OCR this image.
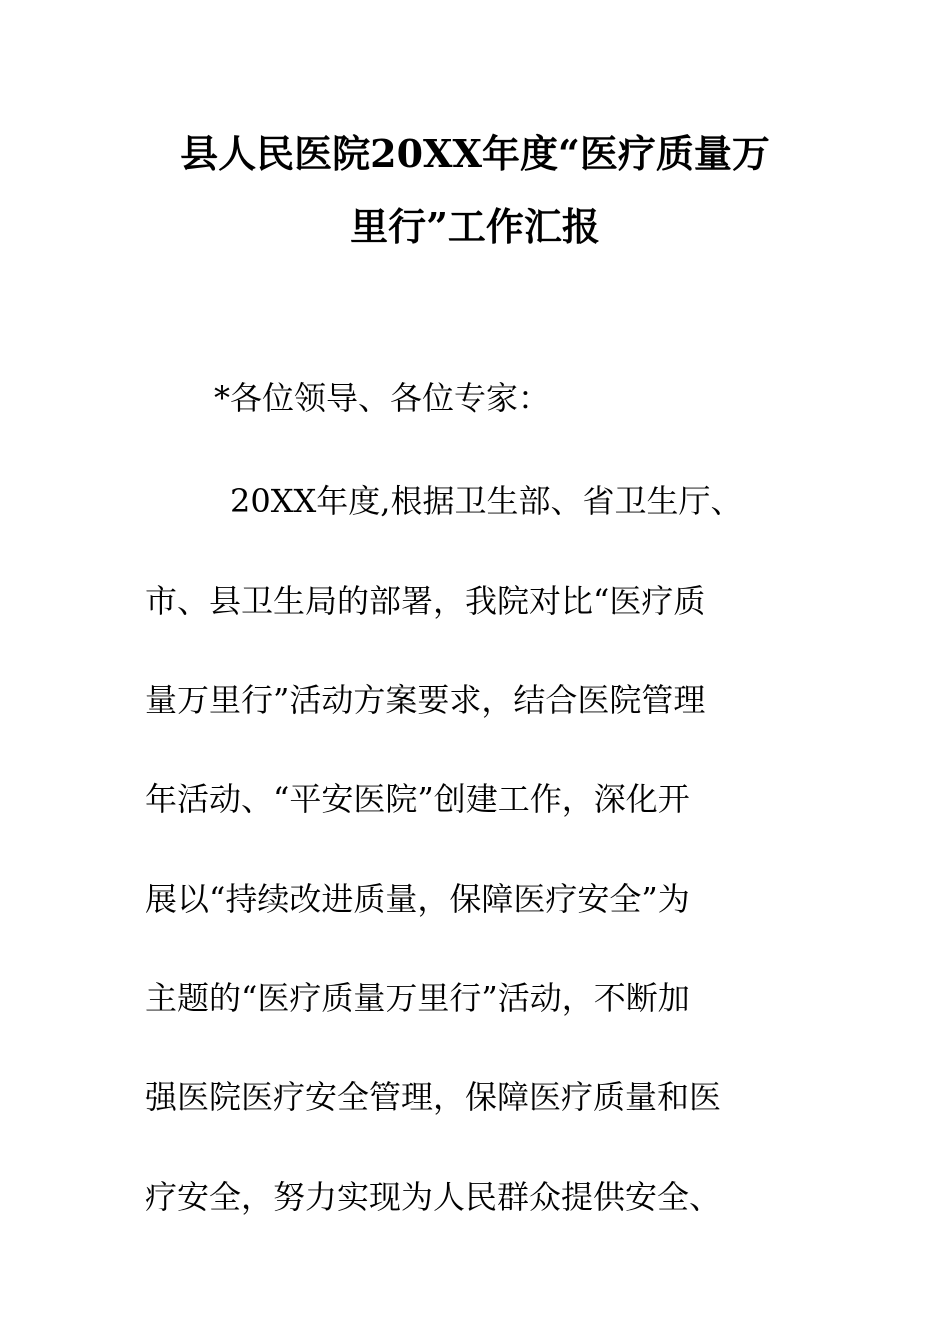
县人民医院20XX年度“医疗质量万
里行”工作汇报
*各位领导、各位专家：
20XX年度,根据卫生部、省卫生厅、
市、县卫生局的部署，我院对比“医疗质
量万里行”活动方案要求，结合医院管理
年活动、“平安医院”创建工作，深化开
展以“持续改进质量，保障医疗安全”为
主题的“医疗质量万里行”活动，不断加
强医院医疗安全管理，保障医疗质量和医
疗安全，努力实现为人民群众提供安全、
